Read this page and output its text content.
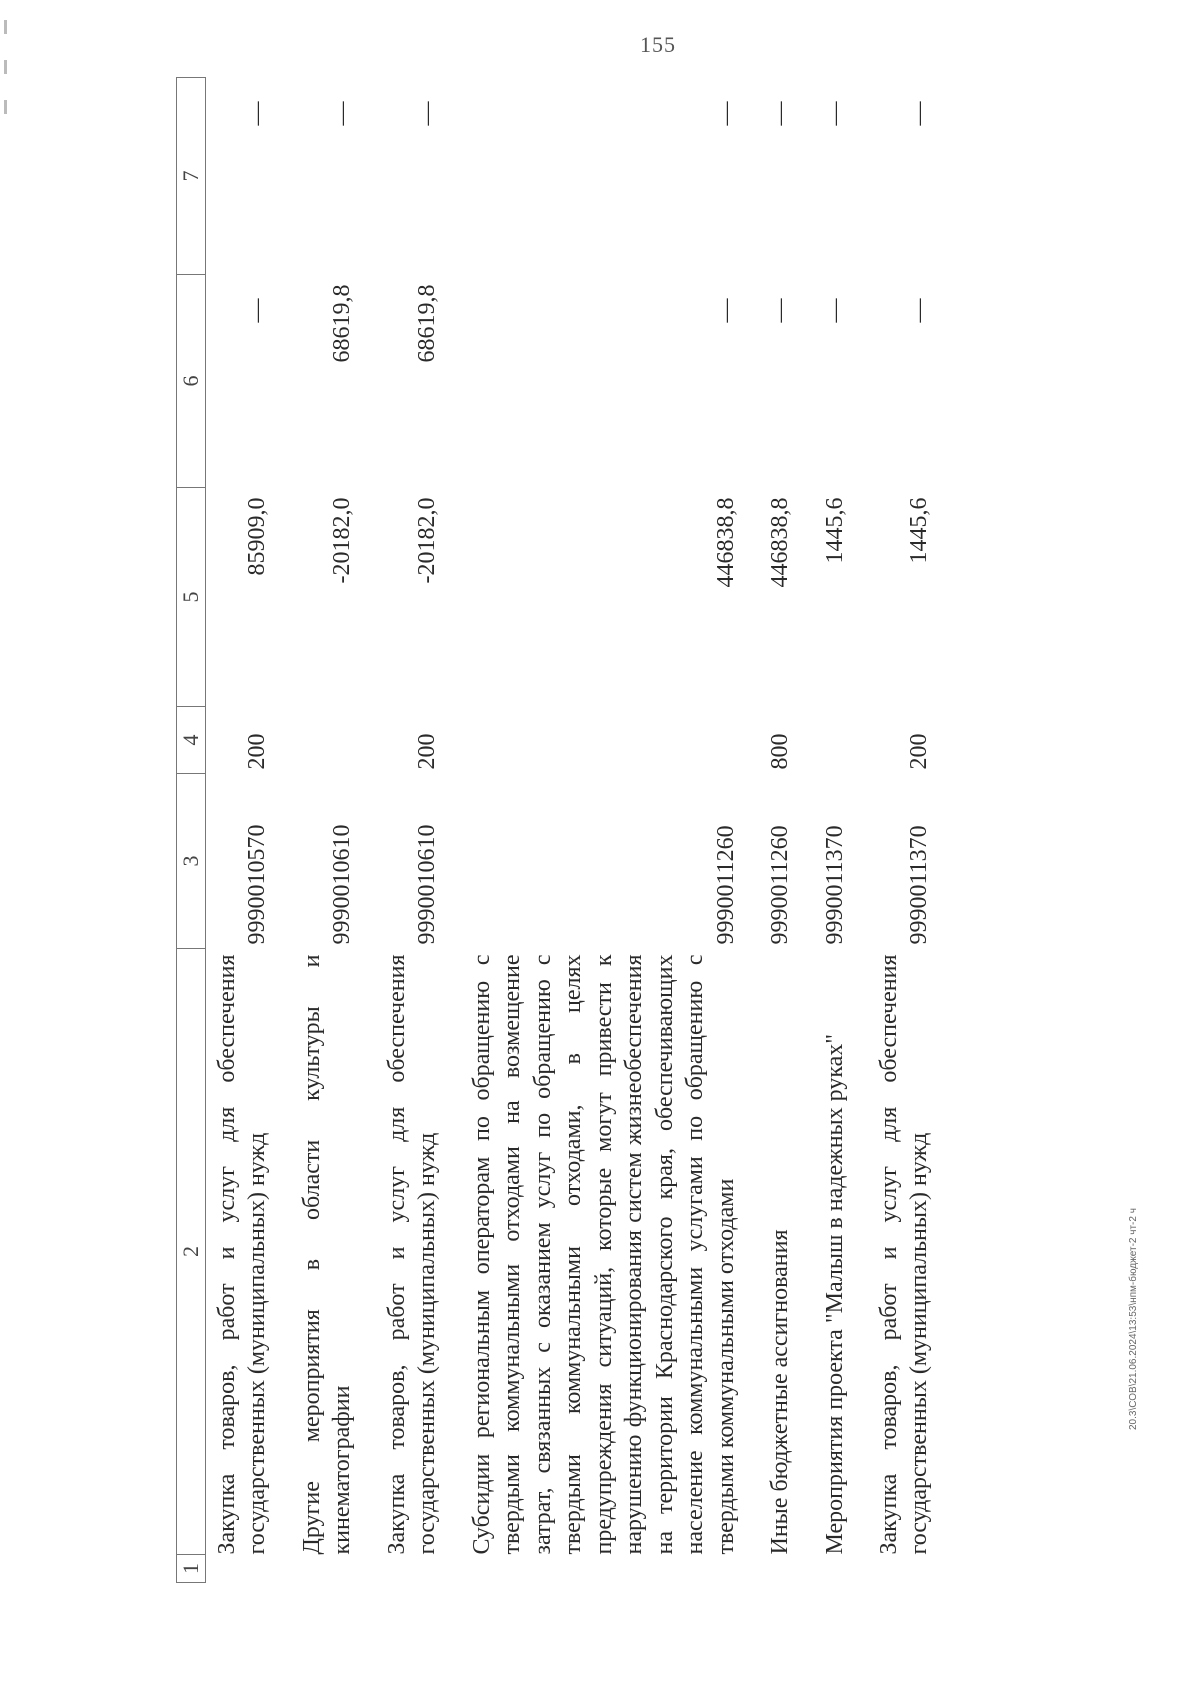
155
20.3\СОВ\21.06.2024\13:53\нпм-бюджет-2 чт-2 ч
1	2	3	4	5	6	7
	Закупка товаров, работ и услуг для обеспечения государственных (муниципальных) нужд	9990010570	200	85909,0	—	—

	Другие мероприятия в области культуры и кинематографии	9990010610		-20182,0	68619,8	—

	Закупка товаров, работ и услуг для обеспечения государственных (муниципальных) нужд	9990010610	200	-20182,0	68619,8	—

	Субсидии региональным операторам по обращению с твердыми коммунальными отходами на возмещение затрат, связанных с оказанием услуг по обращению с твердыми коммунальными отходами, в целях предупреждения ситуаций, которые могут привести к нарушению функционирования систем жизнеобеспечения на территории Краснодарского края, обеспечивающих население коммунальными услугами по обращению с твердыми коммунальными отходами	9990011260		446838,8	—	—

	Иные бюджетные ассигнования	9990011260	800	446838,8	—	—

	Мероприятия проекта "Малыш в надежных руках"	9990011370		1445,6	—	—

	Закупка товаров, работ и услуг для обеспечения государственных (муниципальных) нужд	9990011370	200	1445,6	—	—
